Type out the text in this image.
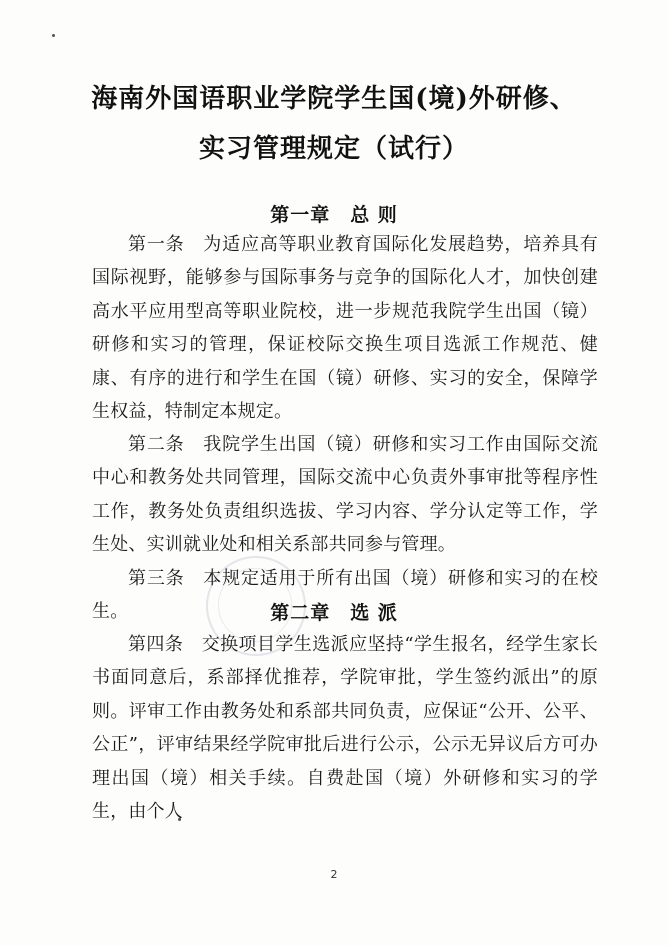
海南外国语职业学院学生国(境)外研修、
实习管理规定（试行）
第一章　总 则

第一条　为适应高等职业教育国际化发展趋势，培养具有国际视野，能够参与国际事务与竞争的国际化人才，加快创建高水平应用型高等职业院校，进一步规范我院学生出国（镜）研修和实习的管理，保证校际交换生项目选派工作规范、健康、有序的进行和学生在国（镜）研修、实习的安全，保障学生权益，特制定本规定。

第二条　我院学生出国（镜）研修和实习工作由国际交流中心和教务处共同管理，国际交流中心负责外事审批等程序性工作，教务处负责组织选拔、学习内容、学分认定等工作，学生处、实训就业处和相关系部共同参与管理。

第三条　本规定适用于所有出国（境）研修和实习的在校生。	第二章　选 派

第四条　交换项目学生选派应坚持“学生报名，经学生家长书面同意后，系部择优推荐，学院审批，学生签约派出”的原则。评审工作由教务处和系部共同负责，应保证“公开、公平、公正”，评审结果经学院审批后进行公示，公示无异议后方可办理出国（境）相关手续。自费赴国（境）外研修和实习的学生，由个人

2
